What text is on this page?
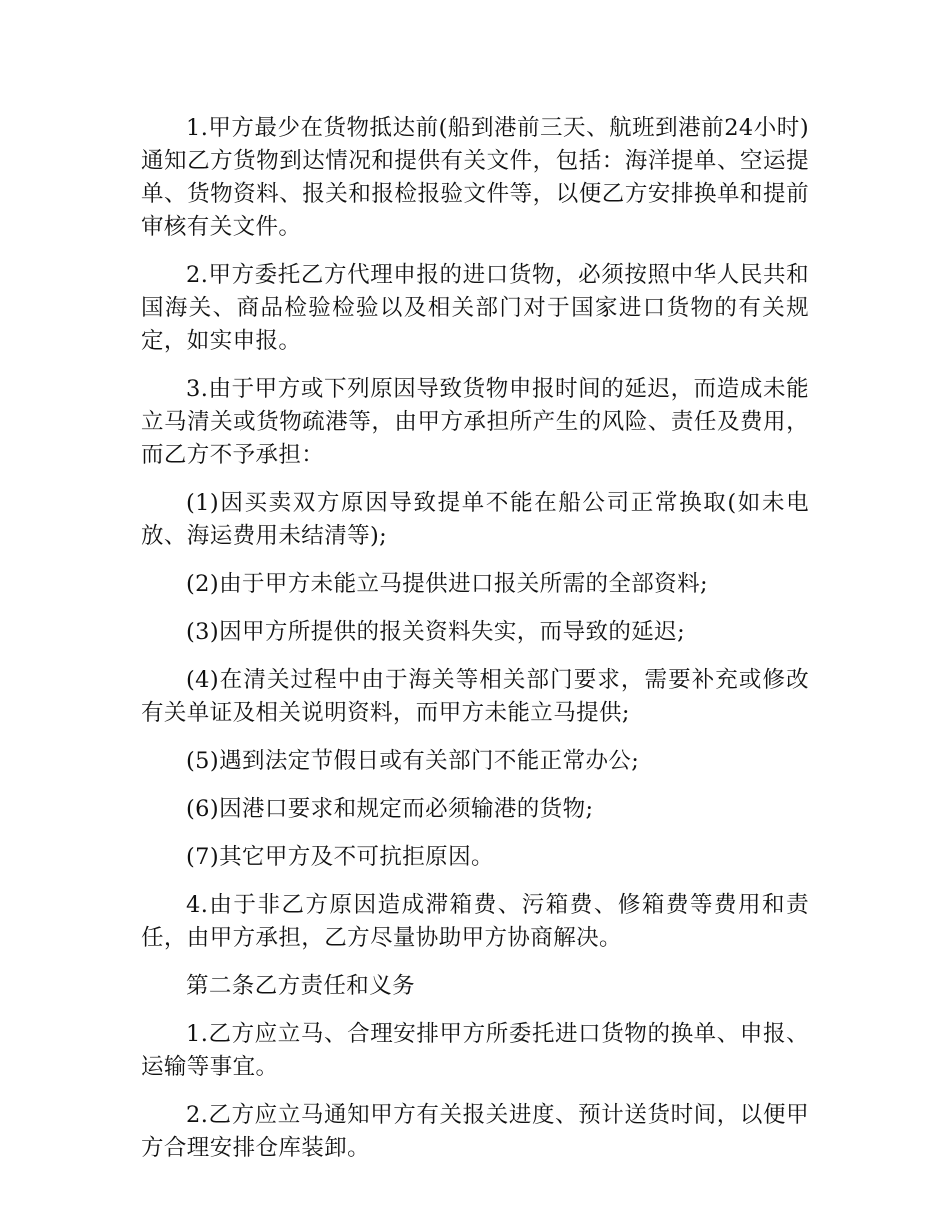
1.甲方最少在货物抵达前(船到港前三天、航班到港前24小时)通知乙方货物到达情况和提供有关文件，包括：海洋提单、空运提单、货物资料、报关和报检报验文件等，以便乙方安排换单和提前审核有关文件。

2.甲方委托乙方代理申报的进口货物，必须按照中华人民共和国海关、商品检验检验以及相关部门对于国家进口货物的有关规定，如实申报。

3.由于甲方或下列原因导致货物申报时间的延迟，而造成未能立马清关或货物疏港等，由甲方承担所产生的风险、责任及费用，而乙方不予承担：

(1)因买卖双方原因导致提单不能在船公司正常换取(如未电放、海运费用未结清等);

(2)由于甲方未能立马提供进口报关所需的全部资料;

(3)因甲方所提供的报关资料失实，而导致的延迟;

(4)在清关过程中由于海关等相关部门要求，需要补充或修改有关单证及相关说明资料，而甲方未能立马提供;

(5)遇到法定节假日或有关部门不能正常办公;

(6)因港口要求和规定而必须输港的货物;

(7)其它甲方及不可抗拒原因。

4.由于非乙方原因造成滞箱费、污箱费、修箱费等费用和责任，由甲方承担，乙方尽量协助甲方协商解决。

第二条乙方责任和义务

1.乙方应立马、合理安排甲方所委托进口货物的换单、申报、运输等事宜。

2.乙方应立马通知甲方有关报关进度、预计送货时间，以便甲方合理安排仓库装卸。
